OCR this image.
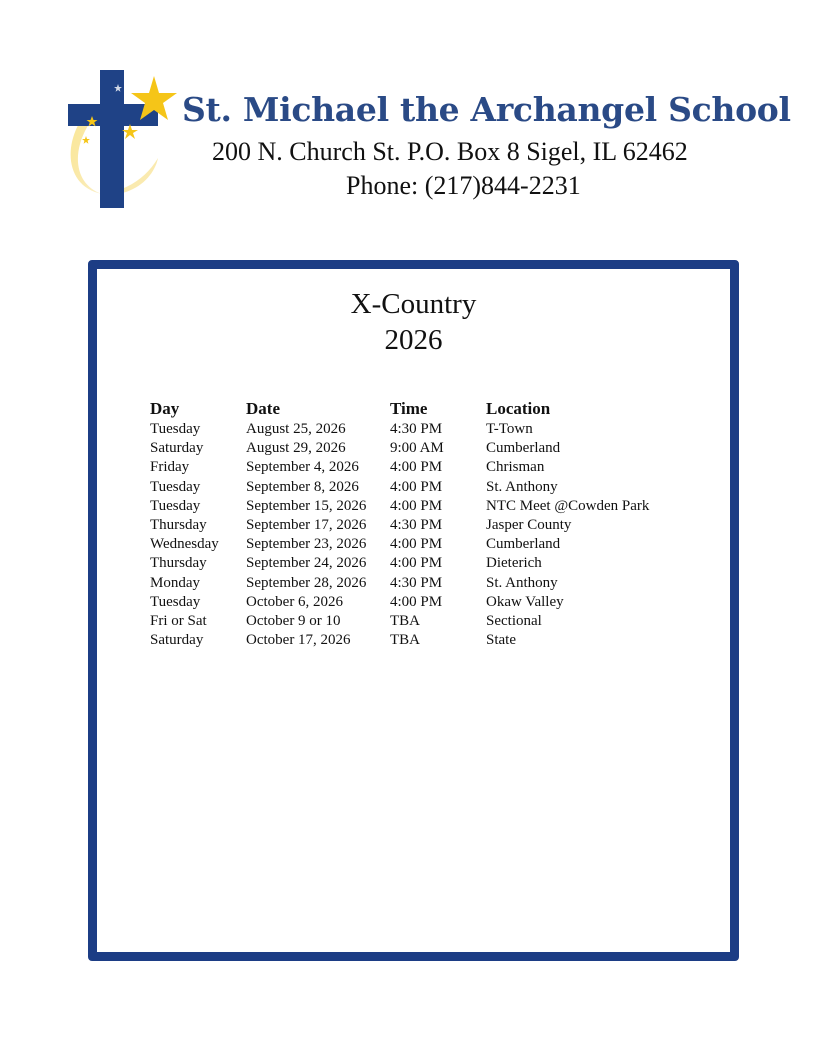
St. Michael the Archangel School
200 N. Church St. P.O. Box 8 Sigel, IL 62462
Phone: (217)844-2231
X-Country
2026
Day	Date	Time	Location
Tuesday	August 25, 2026	4:30 PM	T-Town
Saturday	August 29, 2026	9:00 AM	Cumberland
Friday	September 4, 2026	4:00 PM	Chrisman
Tuesday	September 8, 2026	4:00 PM	St. Anthony
Tuesday	September 15, 2026	4:00 PM	NTC Meet @Cowden Park
Thursday	September 17, 2026	4:30 PM	Jasper County
Wednesday	September 23, 2026	4:00 PM	Cumberland
Thursday	September 24, 2026	4:00 PM	Dieterich
Monday	September 28, 2026	4:30 PM	St. Anthony
Tuesday	October 6, 2026	4:00 PM	Okaw Valley
Fri or Sat	October 9 or 10	TBA	Sectional
Saturday	October 17, 2026	TBA	State
